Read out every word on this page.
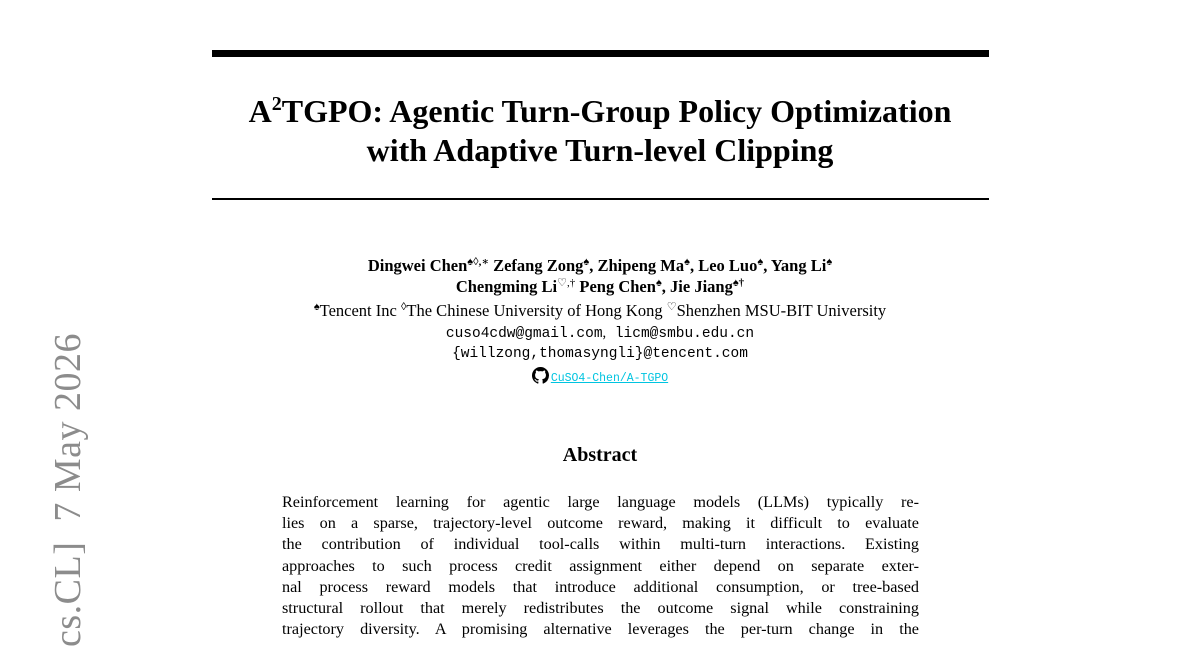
$A^2TGPO$: Agentic Turn-Group Policy Optimization
with Adaptive Turn-level Clipping
Dingwei Chen♠◊,∗ Zefang Zong♠, Zhipeng Ma♠, Leo Luo♠, Yang Li♠
Chengming Li♡,† Peng Chen♠, Jie Jiang♠†
♠Tencent Inc ◊The Chinese University of Hong Kong ♡Shenzhen MSU-BIT University
cuso4cdw@gmail.com, licm@smbu.edu.cn
{willzong,thomasyngli}@tencent.com
CuSO4-Chen/A-TGPO
Abstract
Reinforcement learning for agentic large language models (LLMs) typically re-
lies on a sparse, trajectory-level outcome reward, making it difficult to evaluate
the contribution of individual tool-calls within multi-turn interactions. Existing
approaches to such process credit assignment either depend on separate exter-
nal process reward models that introduce additional consumption, or tree-based
structural rollout that merely redistributes the outcome signal while constraining
trajectory diversity. A promising alternative leverages the per-turn change in the
cs.CL]  7 May 2026
